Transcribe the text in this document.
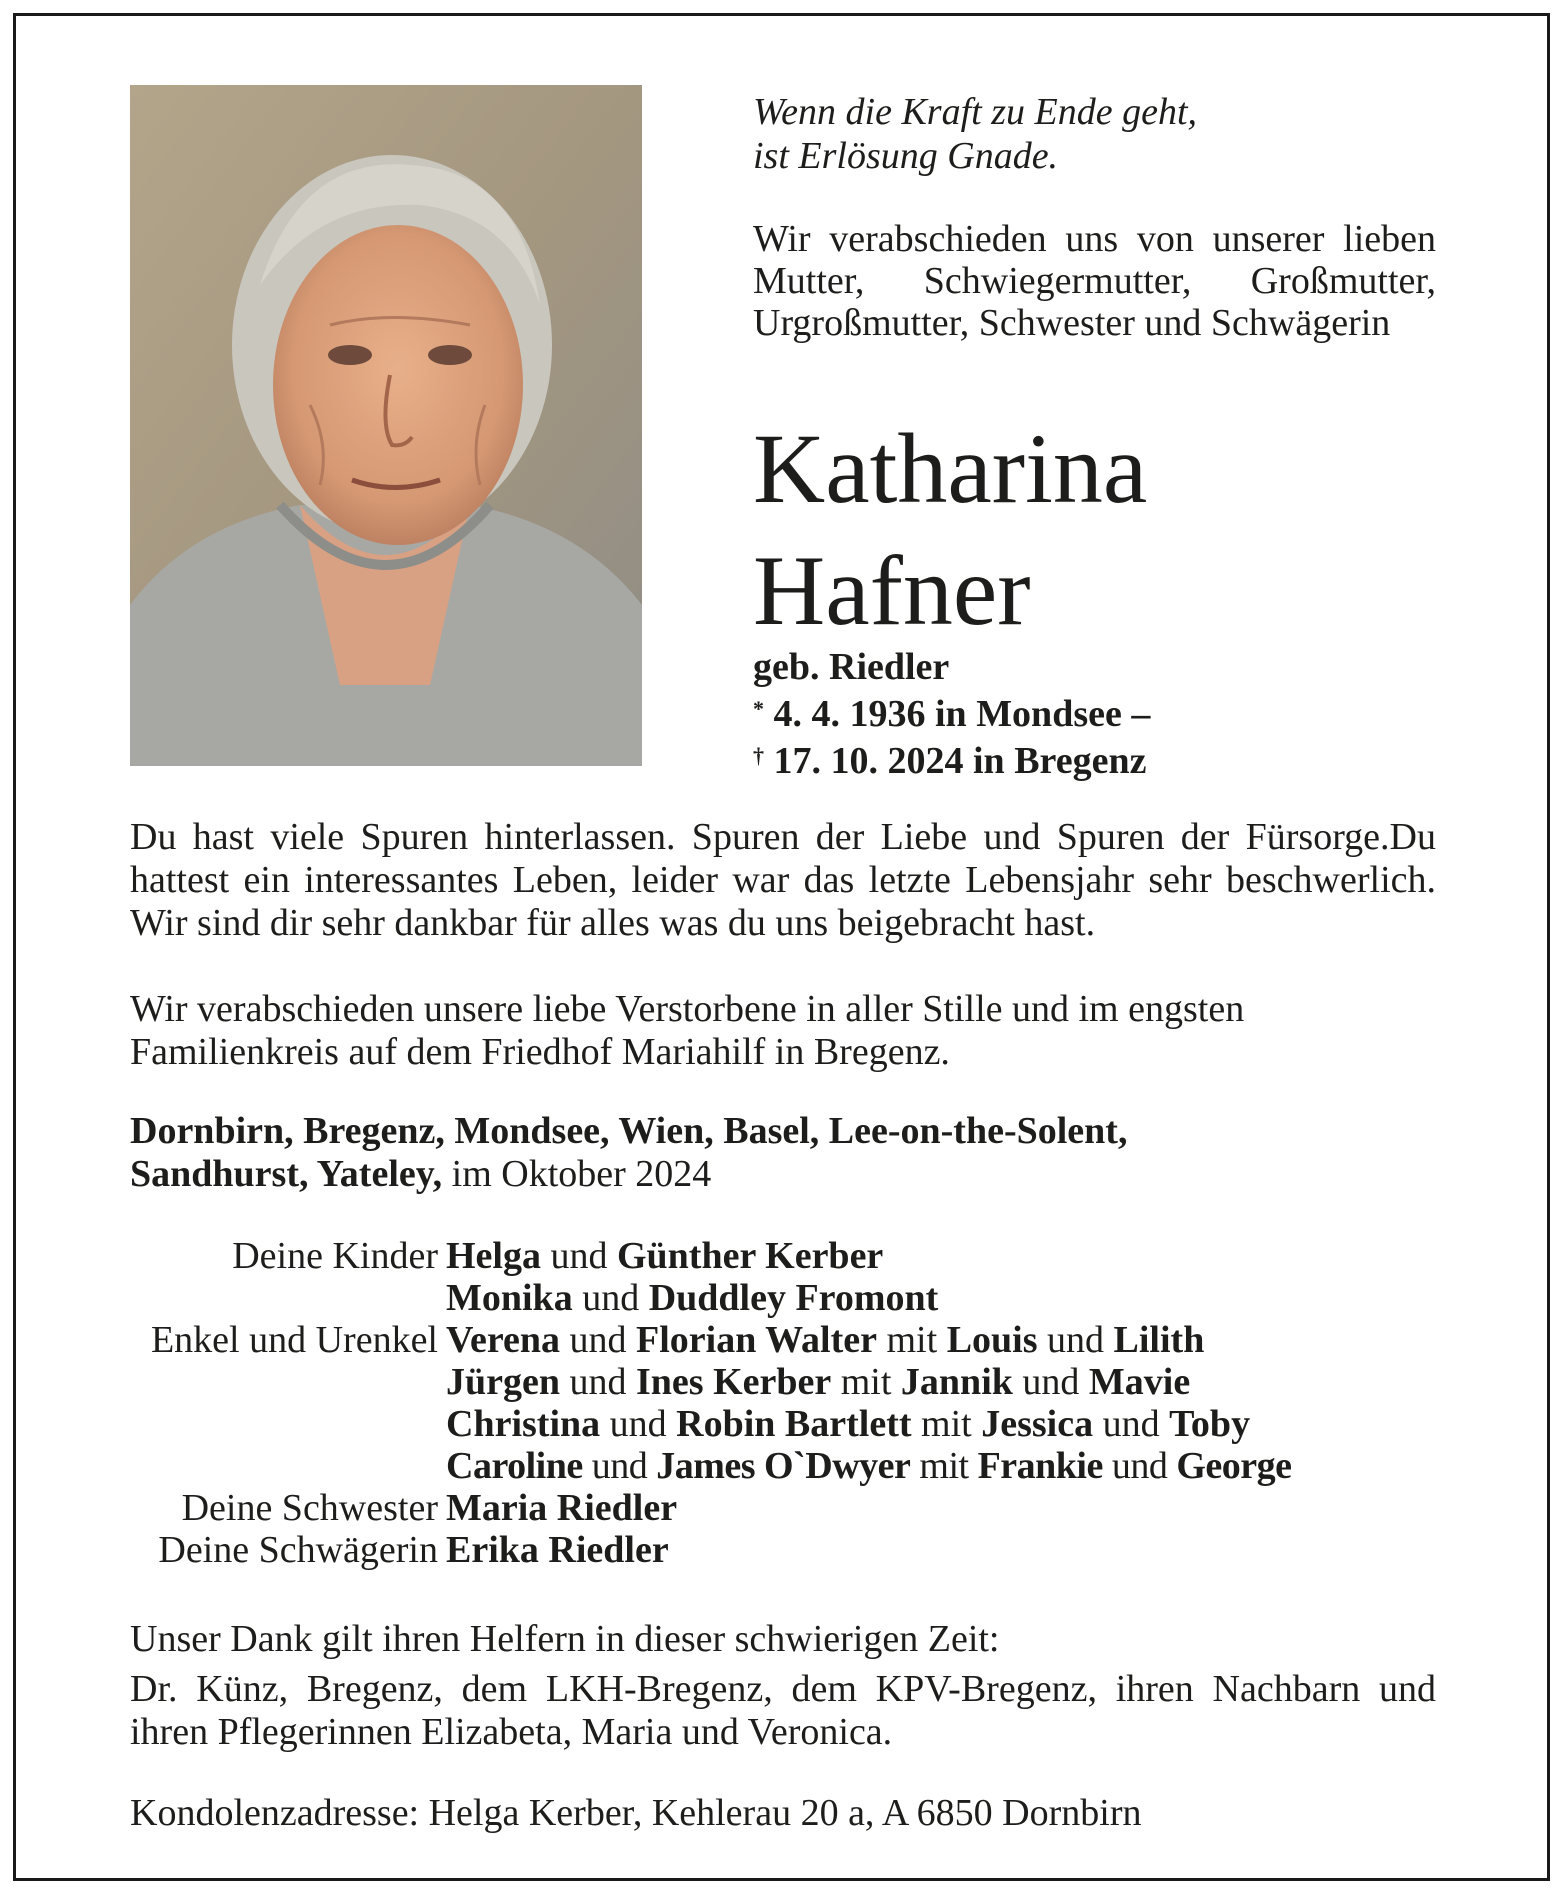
Wenn die Kraft zu Ende geht,
ist Erlösung Gnade.
Wir verabschieden uns von unserer lieben Mutter, Schwiegermutter, Großmutter, Urgroßmutter, Schwester und Schwägerin
Katharina
Hafner
geb. Riedler
* 4. 4. 1936 in Mondsee –
† 17. 10. 2024 in Bregenz
Du hast viele Spuren hinterlassen. Spuren der Liebe und Spuren der Fürsorge.Du hattest ein interessantes Leben, leider war das letzte Lebensjahr sehr beschwerlich. Wir sind dir sehr dankbar für alles was du uns beigebracht hast.
Wir verabschieden unsere liebe Verstorbene in aller Stille und im engsten Familienkreis auf dem Friedhof Mariahilf in Bregenz.
Dornbirn, Bregenz, Mondsee, Wien, Basel, Lee-on-the-Solent,
Sandhurst, Yateley, im Oktober 2024
Deine Kinder Helga und Günther Kerber
Monika und Duddley Fromont
Enkel und Urenkel Verena und Florian Walter mit Louis und Lilith
Jürgen und Ines Kerber mit Jannik und Mavie
Christina und Robin Bartlett mit Jessica und Toby
Caroline und James O`Dwyer mit Frankie und George
Deine Schwester Maria Riedler
Deine Schwägerin Erika Riedler
Unser Dank gilt ihren Helfern in dieser schwierigen Zeit:
Dr. Künz, Bregenz, dem LKH-Bregenz, dem KPV-Bregenz, ihren Nachbarn und ihren Pflegerinnen Elizabeta, Maria und Veronica.
Kondolenzadresse: Helga Kerber, Kehlerau 20 a, A 6850 Dornbirn
